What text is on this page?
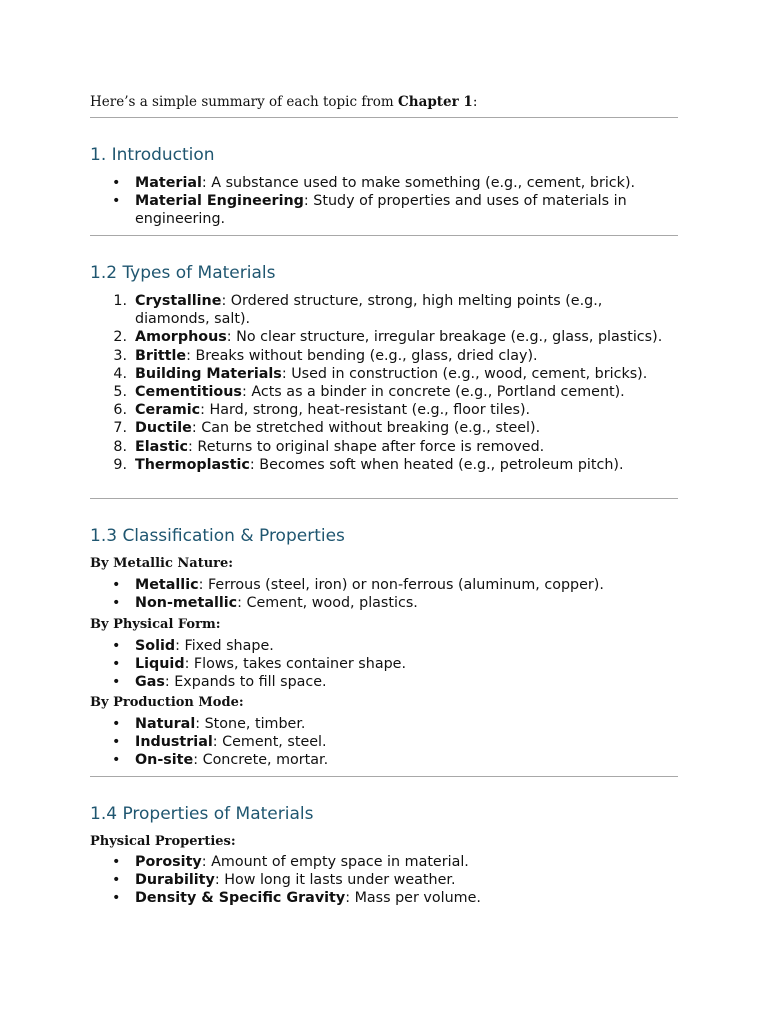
Here’s a simple summary of each topic from Chapter 1:
1. Introduction
• Material: A substance used to make something (e.g., cement, brick).
• Material Engineering: Study of properties and uses of materials in engineering.
1.2 Types of Materials
1. Crystalline: Ordered structure, strong, high melting points (e.g., diamonds, salt).
2. Amorphous: No clear structure, irregular breakage (e.g., glass, plastics).
3. Brittle: Breaks without bending (e.g., glass, dried clay).
4. Building Materials: Used in construction (e.g., wood, cement, bricks).
5. Cementitious: Acts as a binder in concrete (e.g., Portland cement).
6. Ceramic: Hard, strong, heat-resistant (e.g., floor tiles).
7. Ductile: Can be stretched without breaking (e.g., steel).
8. Elastic: Returns to original shape after force is removed.
9. Thermoplastic: Becomes soft when heated (e.g., petroleum pitch).
1.3 Classification & Properties
By Metallic Nature:
• Metallic: Ferrous (steel, iron) or non-ferrous (aluminum, copper).
• Non-metallic: Cement, wood, plastics.
By Physical Form:
• Solid: Fixed shape.
• Liquid: Flows, takes container shape.
• Gas: Expands to fill space.
By Production Mode:
• Natural: Stone, timber.
• Industrial: Cement, steel.
• On-site: Concrete, mortar.
1.4 Properties of Materials
Physical Properties:
• Porosity: Amount of empty space in material.
• Durability: How long it lasts under weather.
• Density & Specific Gravity: Mass per volume.
